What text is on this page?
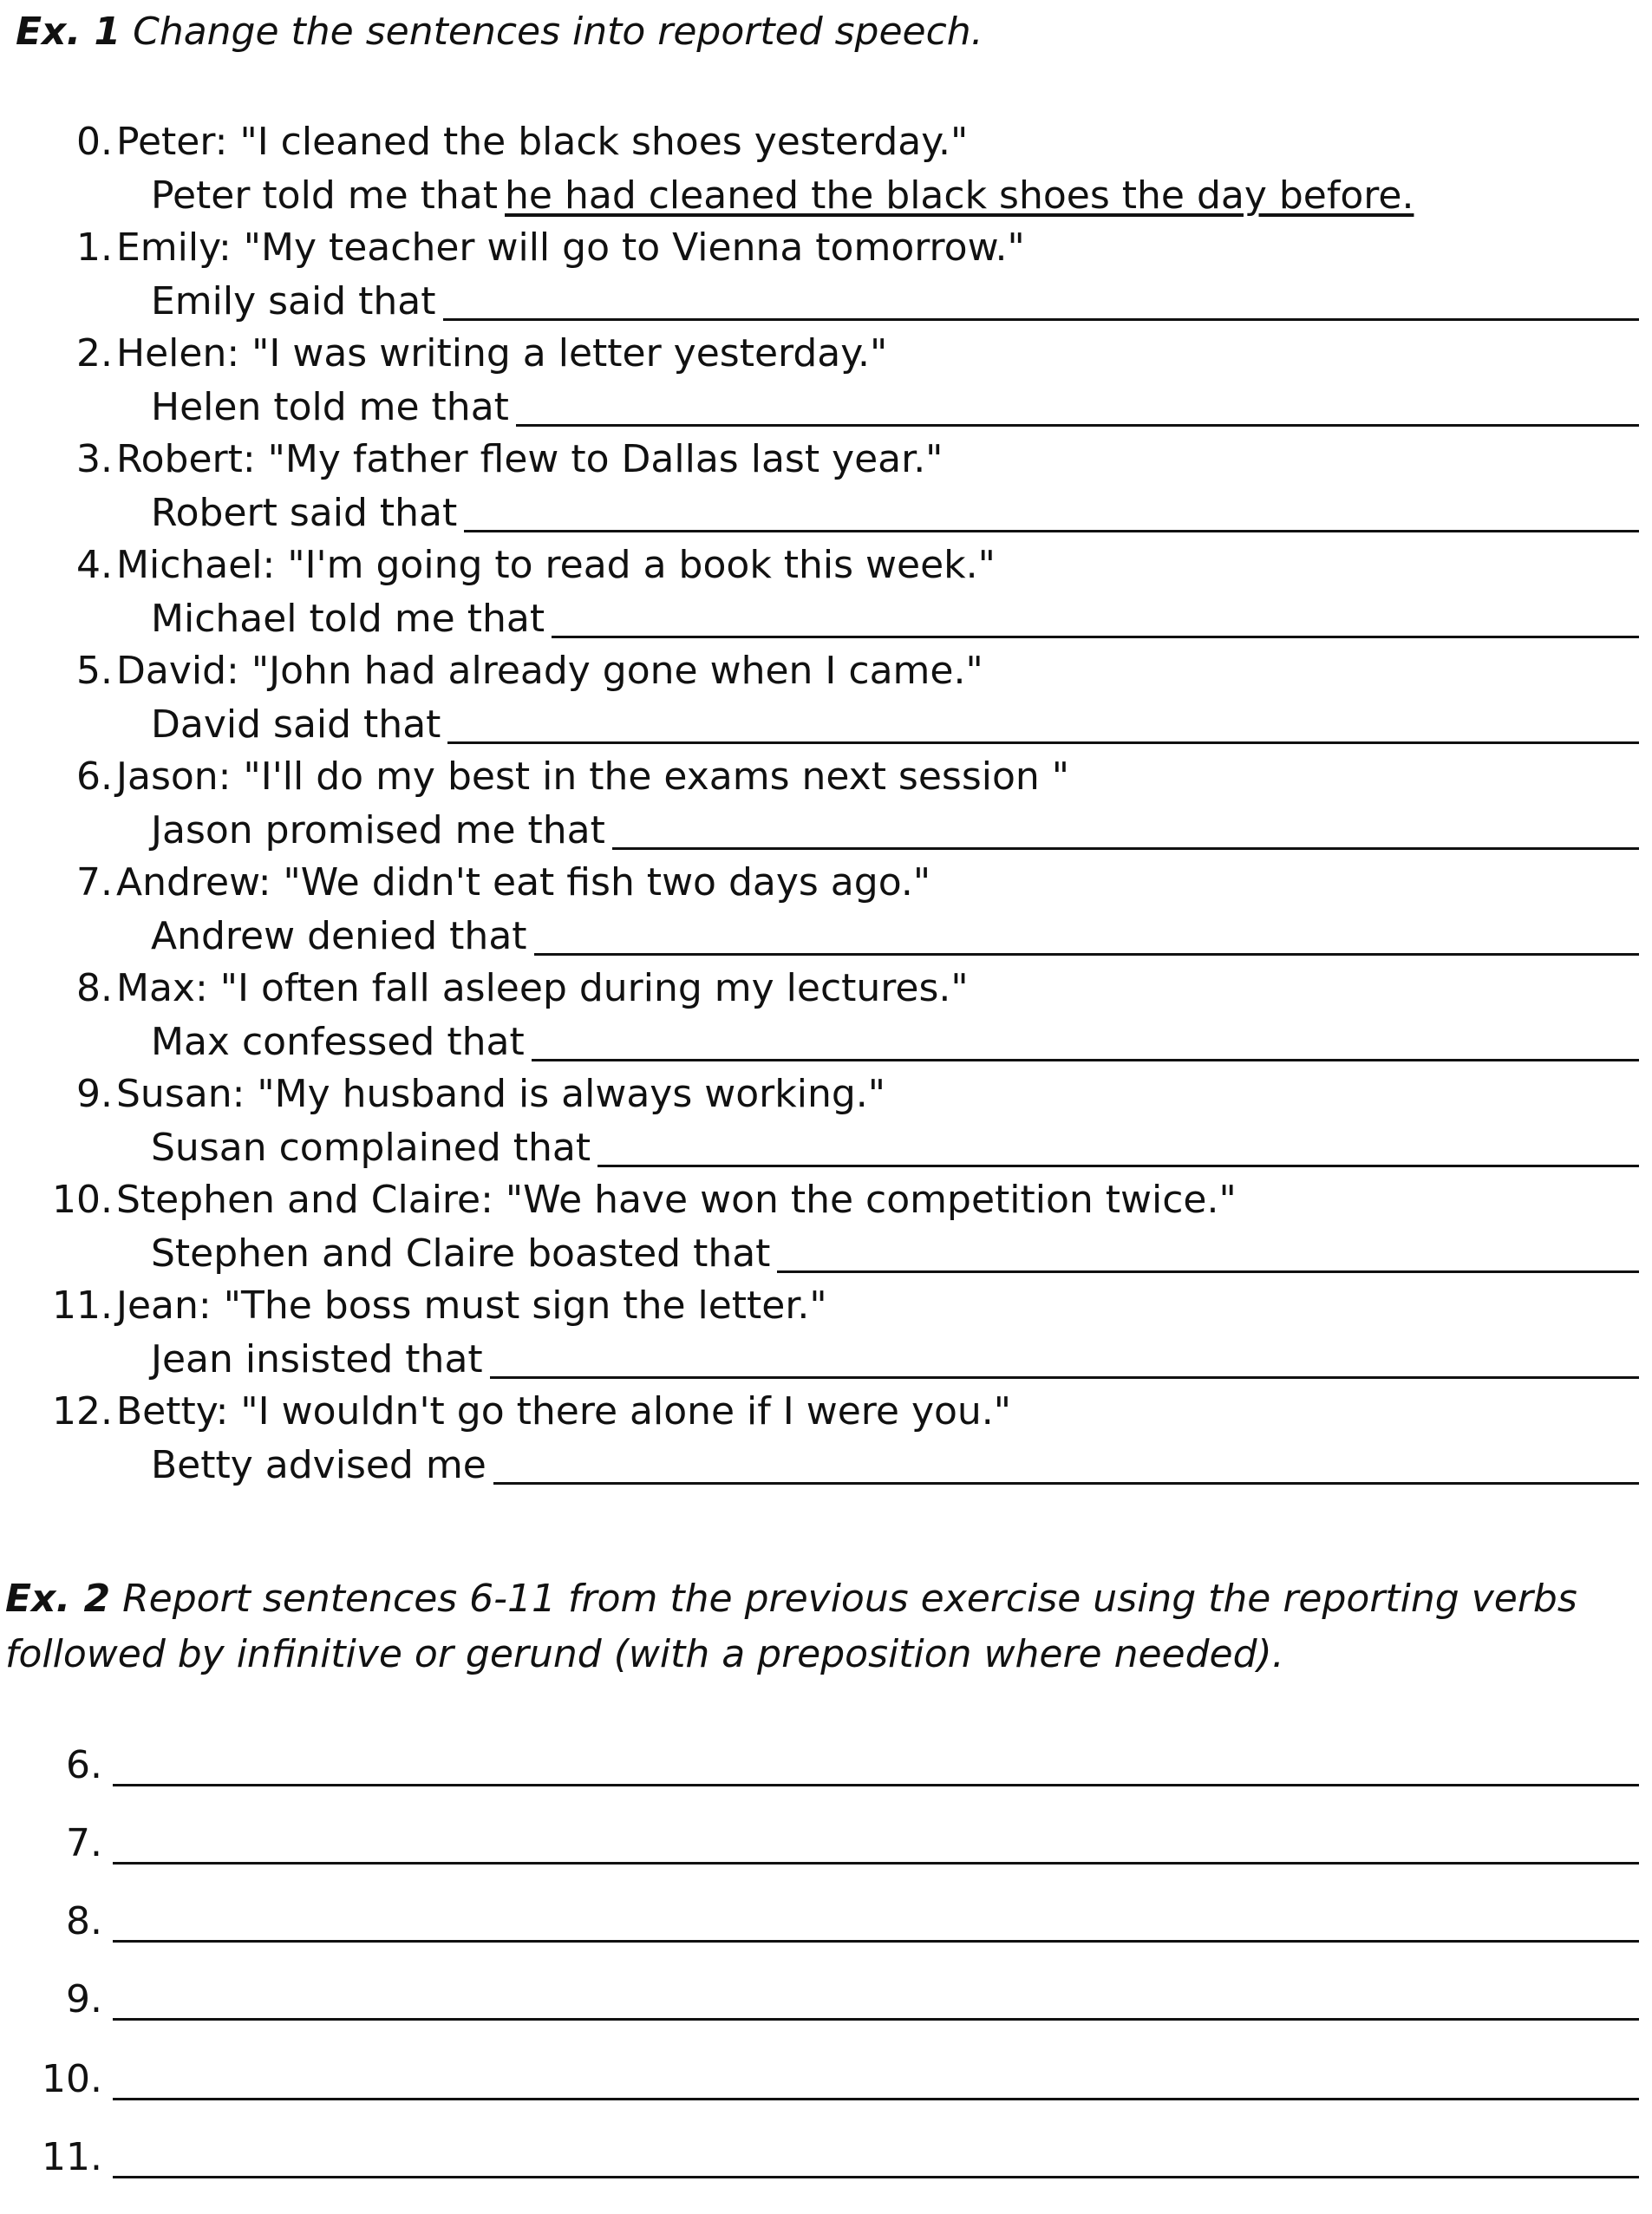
Ex. 1 Change the sentences into reported speech.
0. Peter: "I cleaned the black shoes yesterday."
Peter told me that he had cleaned the black shoes the day before.
1. Emily: "My teacher will go to Vienna tomorrow."
Emily said that
2. Helen: "I was writing a letter yesterday."
Helen told me that
3. Robert: "My father flew to Dallas last year."
Robert said that
4. Michael: "I'm going to read a book this week."
Michael told me that
5. David: "John had already gone when I came."
David said that
6. Jason: "I'll do my best in the exams next session "
Jason promised me that
7. Andrew: "We didn't eat fish two days ago."
Andrew denied that
8. Max: "I often fall asleep during my lectures."
Max confessed that
9. Susan: "My husband is always working."
Susan complained that
10. Stephen and Claire: "We have won the competition twice."
Stephen and Claire boasted that
11. Jean: "The boss must sign the letter."
Jean insisted that
12. Betty: "I wouldn't go there alone if I were you."
Betty advised me
Ex. 2 Report sentences 6-11 from the previous exercise using the reporting verbs
followed by infinitive or gerund (with a preposition where needed).
6.
7.
8.
9.
10.
11.
